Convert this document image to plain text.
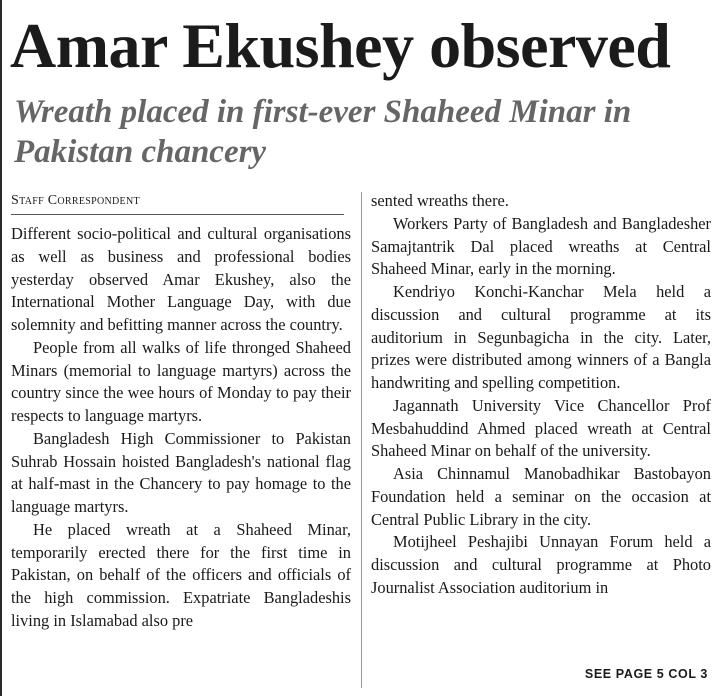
Amar Ekushey observed
Wreath placed in first-ever Shaheed Minar in Pakistan chancery
Staff Correspondent

Different socio-political and cultural organisations as well as business and professional bodies yesterday observed Amar Ekushey, also the International Mother Language Day, with due solemnity and befitting manner across the country.

People from all walks of life thronged Shaheed Minars (memorial to language martyrs) across the country since the wee hours of Monday to pay their respects to language martyrs.

Bangladesh High Commissioner to Pakistan Suhrab Hossain hoisted Bangladesh's national flag at half-mast in the Chancery to pay homage to the language martyrs.

He placed wreath at a Shaheed Minar, temporarily erected there for the first time in Pakistan, on behalf of the officers and officials of the high commission. Expatriate Bangladeshis living in Islamabad also pre

sented wreaths there.

Workers Party of Bangladesh and Bangladesher Samajtantrik Dal placed wreaths at Central Shaheed Minar, early in the morning.

Kendriyo Konchi-Kanchar Mela held a discussion and cultural programme at its auditorium in Segunbagicha in the city. Later, prizes were distributed among winners of a Bangla handwriting and spelling competition.

Jagannath University Vice Chancellor Prof Mesbahuddind Ahmed placed wreath at Central Shaheed Minar on behalf of the university.

Asia Chinnamul Manobadhikar Bastobayon Foundation held a seminar on the occasion at Central Public Library in the city.

Motijheel Peshajibi Unnayan Forum held a discussion and cultural programme at Photo Journalist Association auditorium in

SEE PAGE 5 COL 3
